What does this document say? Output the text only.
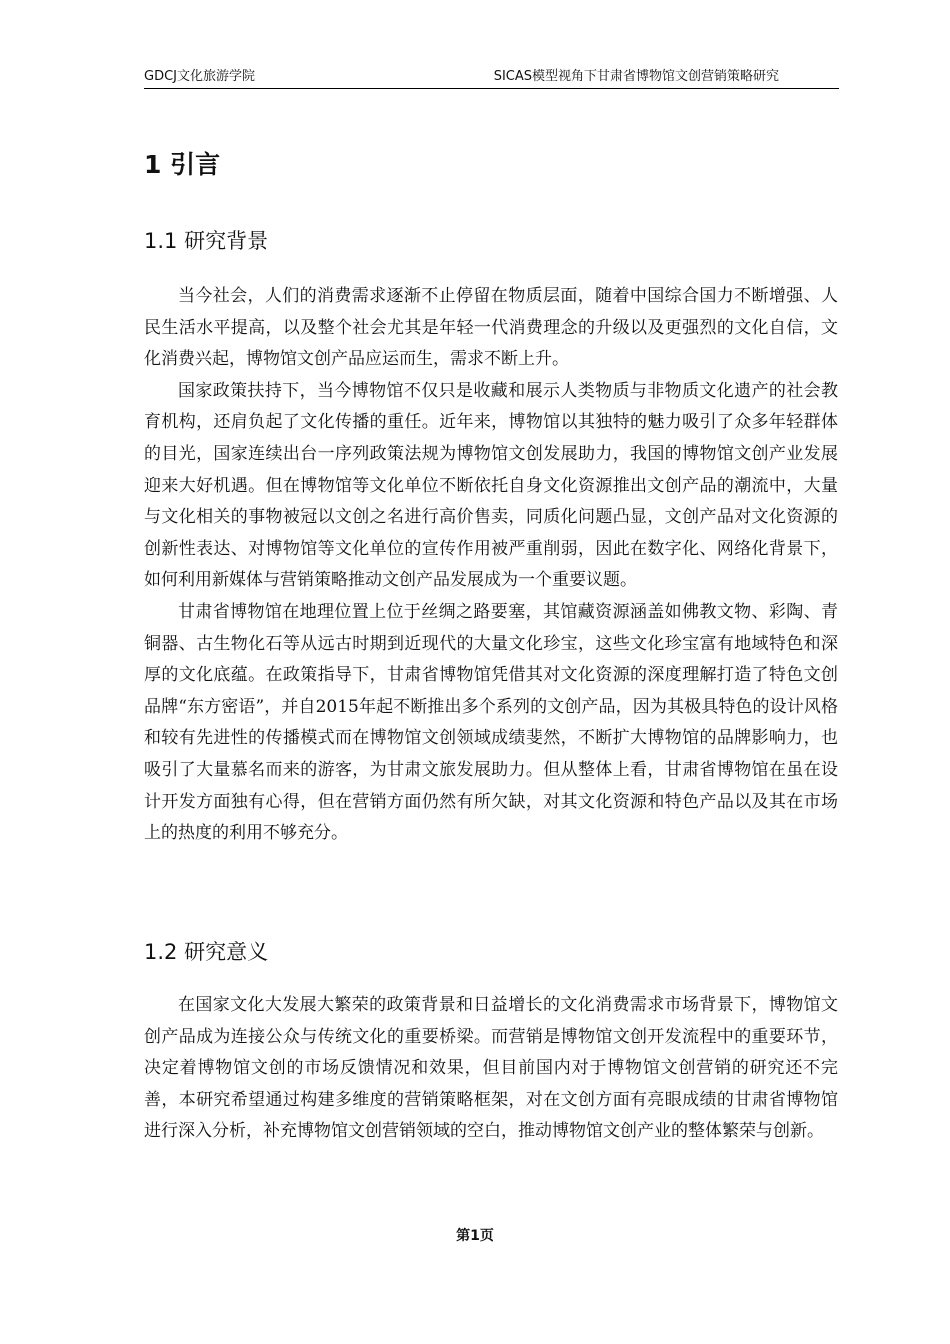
GDCJ文化旅游学院	SICAS模型视角下甘肃省博物馆文创营销策略研究
1 引言
1.1 研究背景

当今社会，人们的消费需求逐渐不止停留在物质层面，随着中国综合国力不断增强、人民生活水平提高，以及整个社会尤其是年轻一代消费理念的升级以及更强烈的文化自信，文化消费兴起，博物馆文创产品应运而生，需求不断上升。

国家政策扶持下，当今博物馆不仅只是收藏和展示人类物质与非物质文化遗产的社会教育机构，还肩负起了文化传播的重任。近年来，博物馆以其独特的魅力吸引了众多年轻群体的目光，国家连续出台一序列政策法规为博物馆文创发展助力，我国的博物馆文创产业发展迎来大好机遇。但在博物馆等文化单位不断依托自身文化资源推出文创产品的潮流中，大量与文化相关的事物被冠以文创之名进行高价售卖，同质化问题凸显，文创产品对文化资源的创新性表达、对博物馆等文化单位的宣传作用被严重削弱，因此在数字化、网络化背景下，如何利用新媒体与营销策略推动文创产品发展成为一个重要议题。

甘肃省博物馆在地理位置上位于丝绸之路要塞，其馆藏资源涵盖如佛教文物、彩陶、青铜器、古生物化石等从远古时期到近现代的大量文化珍宝，这些文化珍宝富有地域特色和深厚的文化底蕴。在政策指导下，甘肃省博物馆凭借其对文化资源的深度理解打造了特色文创品牌“东方密语”，并自2015年起不断推出多个系列的文创产品，因为其极具特色的设计风格和较有先进性的传播模式而在博物馆文创领域成绩斐然，不断扩大博物馆的品牌影响力，也吸引了大量慕名而来的游客，为甘肃文旅发展助力。但从整体上看，甘肃省博物馆在虽在设计开发方面独有心得，但在营销方面仍然有所欠缺，对其文化资源和特色产品以及其在市场上的热度的利用不够充分。

1.2 研究意义

在国家文化大发展大繁荣的政策背景和日益增长的文化消费需求市场背景下，博物馆文创产品成为连接公众与传统文化的重要桥梁。而营销是博物馆文创开发流程中的重要环节，决定着博物馆文创的市场反馈情况和效果，但目前国内对于博物馆文创营销的研究还不完善，本研究希望通过构建多维度的营销策略框架，对在文创方面有亮眼成绩的甘肃省博物馆进行深入分析，补充博物馆文创营销领域的空白，推动博物馆文创产业的整体繁荣与创新。

第1页
